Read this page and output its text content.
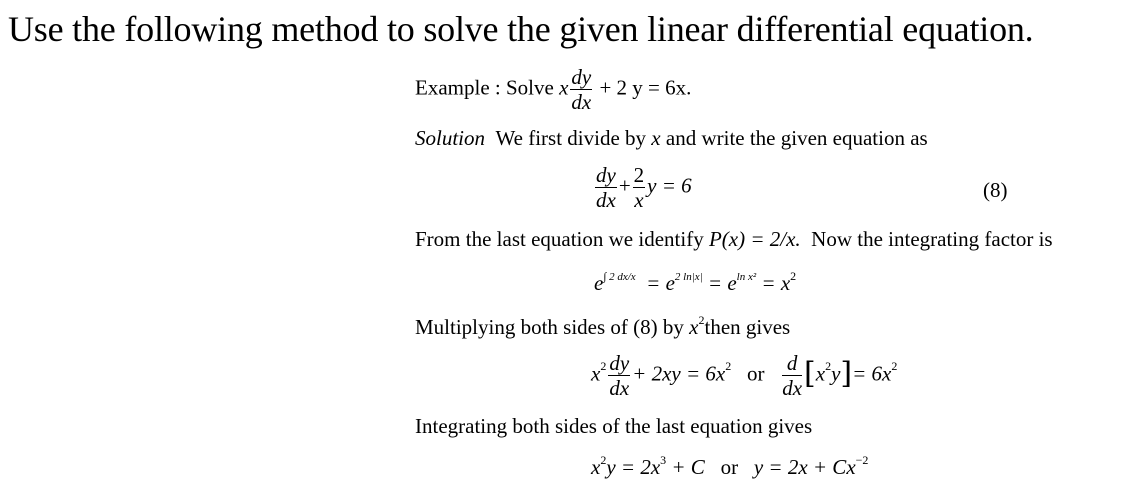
Use the following method to solve the given linear differential equation.
Example : Solve x $\frac{dy}{dx} + 2$ y = 6x.
Solution We first divide by x and write the given equation as
$\frac{dy}{dx} + \frac{2}{x}$ y = 6	(8)
From the last equation we identify P(x) = 2/x. Now the integrating factor is
$e^{\int 2 dx/x} = e^{2 ln|x|} = e^{ln x^2} = x^2$
Multiplying both sides of (8) by $x^2then$ gives
$x^2 \frac{dy}{dx} + 2xy = 6x^2$ or $\frac{d}{dx} [x^2y]= 6x^2$
Integrating both sides of the last equation gives
$x^2y = 2x^3 + C$ or $y = 2x + Cx^{-2}$
